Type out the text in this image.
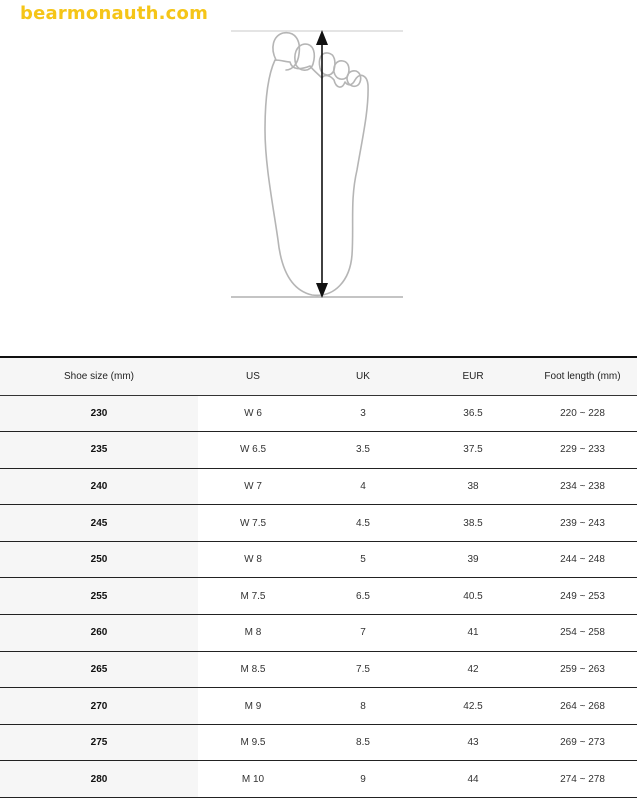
bearmonauth.com
Shoe size (mm)	US	UK	EUR	Foot length (mm)
230	W 6	3	36.5	220 ~ 228
235	W 6.5	3.5	37.5	229 ~ 233
240	W 7	4	38	234 ~ 238
245	W 7.5	4.5	38.5	239 ~ 243
250	W 8	5	39	244 ~ 248
255	M 7.5	6.5	40.5	249 ~ 253
260	M 8	7	41	254 ~ 258
265	M 8.5	7.5	42	259 ~ 263
270	M 9	8	42.5	264 ~ 268
275	M 9.5	8.5	43	269 ~ 273
280	M 10	9	44	274 ~ 278
